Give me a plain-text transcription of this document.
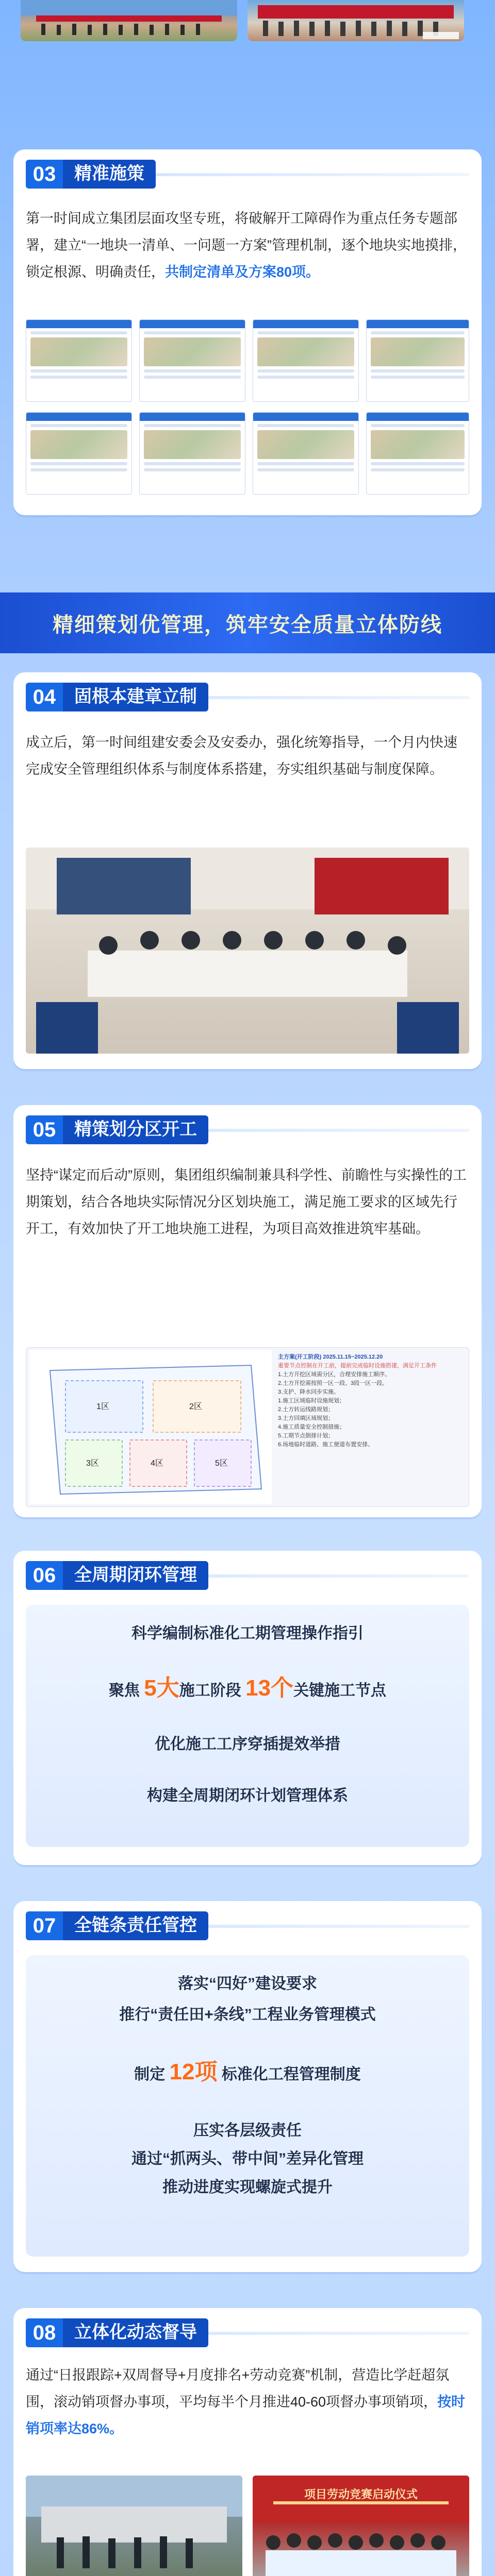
03	精准施策
第一时间成立集团层面攻坚专班，将破解开工障碍作为重点任务专题部署，建立“一地块一清单、一问题一方案”管理机制，逐个地块实地摸排，锁定根源、明确责任，共制定清单及方案80项。
精细策划优管理，筑牢安全质量立体防线
04	固根本建章立制
成立后，第一时间组建安委会及安委办，强化统筹指导，一个月内快速完成安全管理组织体系与制度体系搭建，夯实组织基础与制度保障。
05	精策划分区开工
坚持“谋定而后动”原则，集团组织编制兼具科学性、前瞻性与实操性的工期策划，结合各地块实际情况分区划块施工，满足施工要求的区域先行开工，有效加快了开工地块施工进程，为项目高效推进筑牢基础。
1区	2区
3区	4区	5区
主方案(开工阶段) 2025.11.15~2025.12.20
重要节点控制在开工前，提前完成临时设施搭建，满足开工条件
1.土方开挖区域需分区，合理安排施工顺序。
2.土方开挖需按照一区一段、3段一区一段。
3.支护、降水同步实施。
1.施工区域临时设施规划；
2.土方转运线路规划；
3.土方回填区域规划；
4.施工质量安全控制措施；
5.工期节点倒排计划；
6.场地临时道路、施工便道布置安排。
06	全周期闭环管理
科学编制标准化工期管理操作指引
聚焦 5大施工阶段 13个关键施工节点
优化施工工序穿插提效举措
构建全周期闭环计划管理体系
07	全链条责任管控
落实“四好”建设要求
推行“责任田+条线”工程业务管理模式
制定 12项 标准化工程管理制度
压实各层级责任
通过“抓两头、带中间”差异化管理
推动进度实现螺旋式提升
08	立体化动态督导
通过“日报跟踪+双周督导+月度排名+劳动竞赛”机制，营造比学赶超氛围，滚动销项督办事项，平均每半个月推进40-60项督办事项销项，按时销项率达86%。
项目劳动竞赛启动仪式
